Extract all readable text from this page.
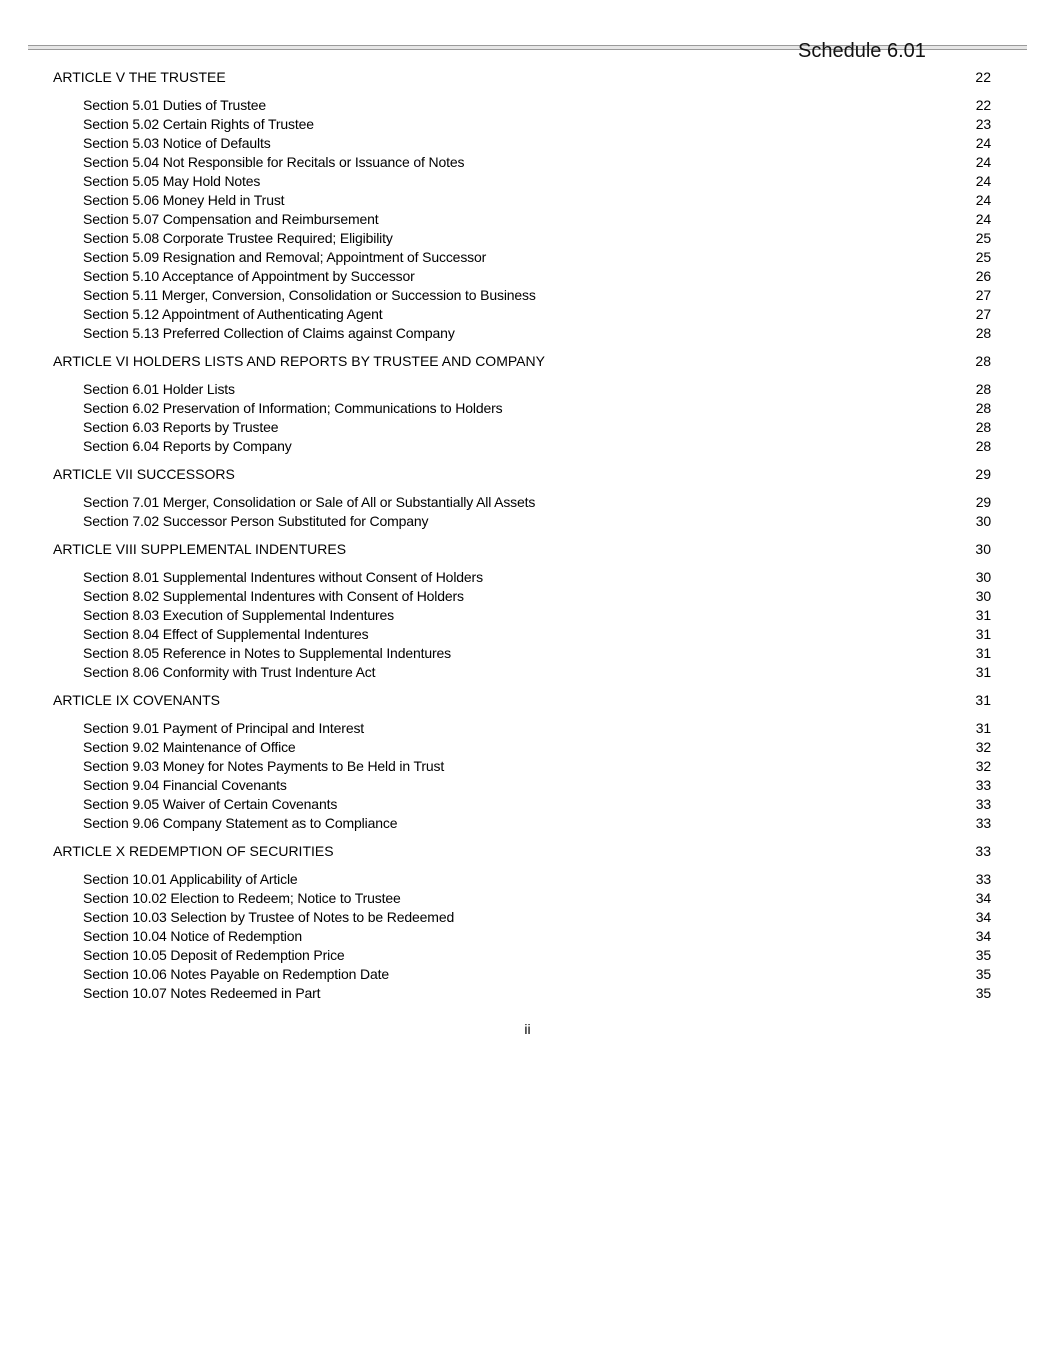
Schedule 6.01
ARTICLE V THE TRUSTEE	22
Section 5.01 Duties of Trustee	22
Section 5.02 Certain Rights of Trustee	23
Section 5.03 Notice of Defaults	24
Section 5.04 Not Responsible for Recitals or Issuance of Notes	24
Section 5.05 May Hold Notes	24
Section 5.06 Money Held in Trust	24
Section 5.07 Compensation and Reimbursement	24
Section 5.08 Corporate Trustee Required; Eligibility	25
Section 5.09 Resignation and Removal; Appointment of Successor	25
Section 5.10 Acceptance of Appointment by Successor	26
Section 5.11 Merger, Conversion, Consolidation or Succession to Business	27
Section 5.12 Appointment of Authenticating Agent	27
Section 5.13 Preferred Collection of Claims against Company	28
ARTICLE VI HOLDERS LISTS AND REPORTS BY TRUSTEE AND COMPANY	28
Section 6.01 Holder Lists	28
Section 6.02 Preservation of Information; Communications to Holders	28
Section 6.03 Reports by Trustee	28
Section 6.04 Reports by Company	28
ARTICLE VII SUCCESSORS	29
Section 7.01 Merger, Consolidation or Sale of All or Substantially All Assets	29
Section 7.02 Successor Person Substituted for Company	30
ARTICLE VIII SUPPLEMENTAL INDENTURES	30
Section 8.01 Supplemental Indentures without Consent of Holders	30
Section 8.02 Supplemental Indentures with Consent of Holders	30
Section 8.03 Execution of Supplemental Indentures	31
Section 8.04 Effect of Supplemental Indentures	31
Section 8.05 Reference in Notes to Supplemental Indentures	31
Section 8.06 Conformity with Trust Indenture Act	31
ARTICLE IX COVENANTS	31
Section 9.01 Payment of Principal and Interest	31
Section 9.02 Maintenance of Office	32
Section 9.03 Money for Notes Payments to Be Held in Trust	32
Section 9.04 Financial Covenants	33
Section 9.05 Waiver of Certain Covenants	33
Section 9.06 Company Statement as to Compliance	33
ARTICLE X REDEMPTION OF SECURITIES	33
Section 10.01 Applicability of Article	33
Section 10.02 Election to Redeem; Notice to Trustee	34
Section 10.03 Selection by Trustee of Notes to be Redeemed	34
Section 10.04 Notice of Redemption	34
Section 10.05 Deposit of Redemption Price	35
Section 10.06 Notes Payable on Redemption Date	35
Section 10.07 Notes Redeemed in Part	35
ii
